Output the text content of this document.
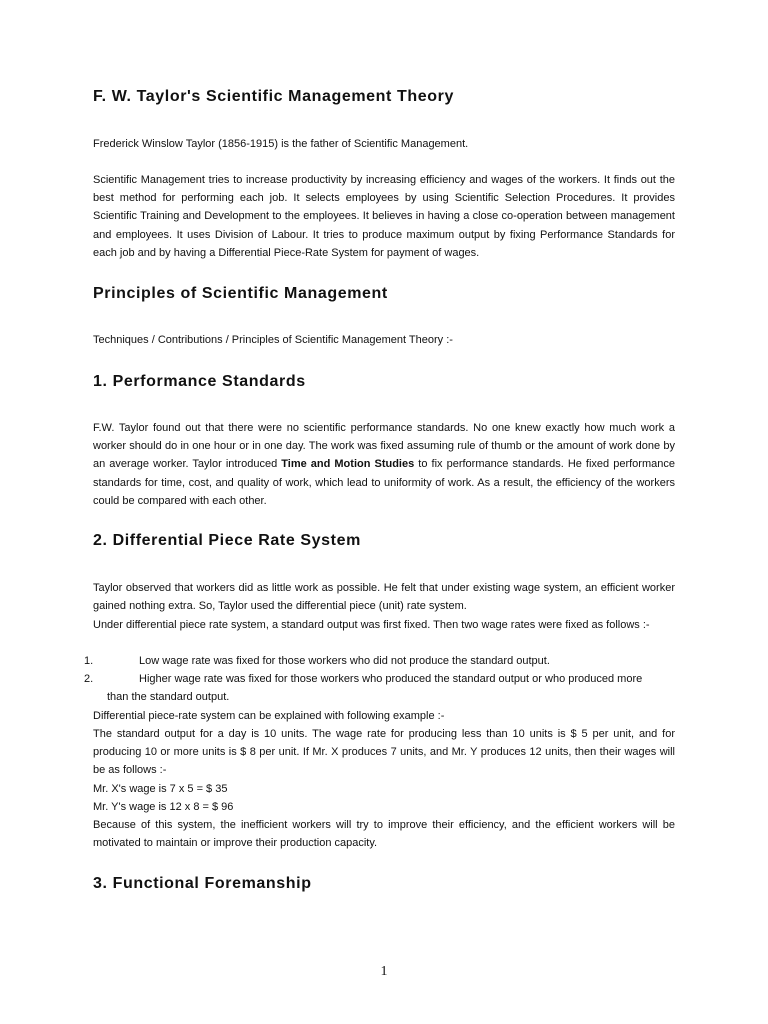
F. W. Taylor's Scientific Management Theory

Frederick Winslow Taylor (1856-1915) is the father of Scientific Management.

Scientific Management tries to increase productivity by increasing efficiency and wages of the workers. It finds out the best method for performing each job. It selects employees by using Scientific Selection Procedures. It provides Scientific Training and Development to the employees. It believes in having a close co-operation between management and employees. It uses Division of Labour. It tries to produce maximum output by fixing Performance Standards for each job and by having a Differential Piece-Rate System for payment of wages.

Principles of Scientific Management

Techniques / Contributions / Principles of Scientific Management Theory :-

1. Performance Standards

F.W. Taylor found out that there were no scientific performance standards. No one knew exactly how much work a worker should do in one hour or in one day. The work was fixed assuming rule of thumb or the amount of work done by an average worker. Taylor introduced Time and Motion Studies to fix performance standards. He fixed performance standards for time, cost, and quality of work, which lead to uniformity of work. As a result, the efficiency of the workers could be compared with each other.

2. Differential Piece Rate System

Taylor observed that workers did as little work as possible. He felt that under existing wage system, an efficient worker gained nothing extra. So, Taylor used the differential piece (unit) rate system.

Under differential piece rate system, a standard output was first fixed. Then two wage rates were fixed as follows :-

1.	Low wage rate was fixed for those workers who did not produce the standard output.
2.	Higher wage rate was fixed for those workers who produced the standard output or who produced more
than the standard output.

Differential piece-rate system can be explained with following example :-

The standard output for a day is 10 units. The wage rate for producing less than 10 units is $ 5 per unit, and for producing 10 or more units is $ 8 per unit. If Mr. X produces 7 units, and Mr. Y produces 12 units, then their wages will be as follows :-

Mr. X's wage is 7 x 5 = $ 35

Mr. Y's wage is 12 x 8 = $ 96

Because of this system, the inefficient workers will try to improve their efficiency, and the efficient workers will be motivated to maintain or improve their production capacity.

3. Functional Foremanship
1
